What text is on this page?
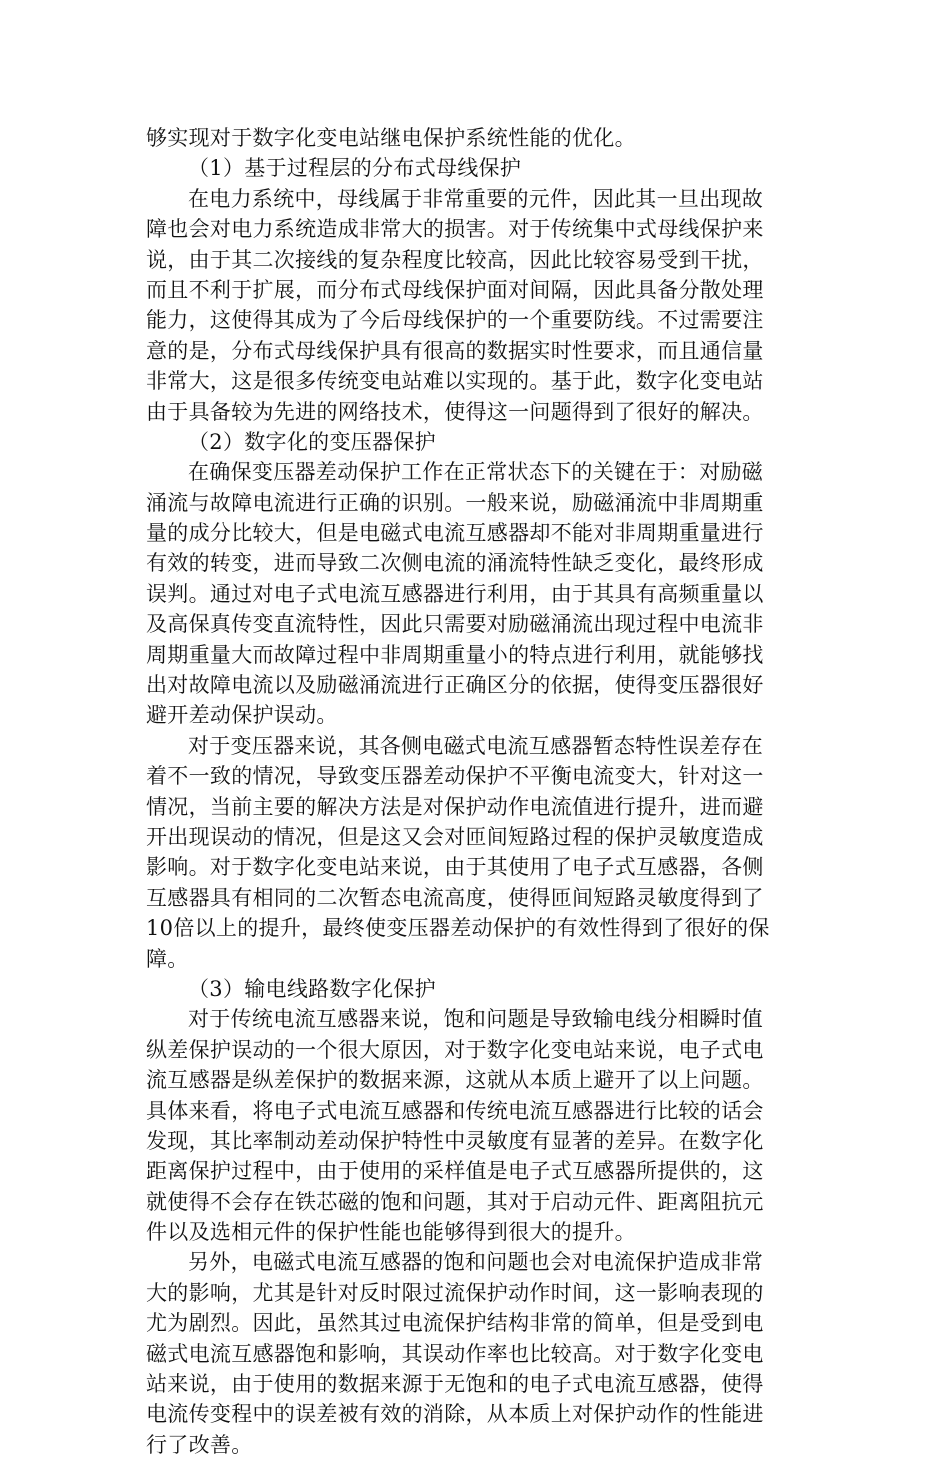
够实现对于数字化变电站继电保护系统性能的优化。

（1）基于过程层的分布式母线保护

在电力系统中，母线属于非常重要的元件，因此其一旦出现故
障也会对电力系统造成非常大的损害。对于传统集中式母线保护来
说，由于其二次接线的复杂程度比较高，因此比较容易受到干扰，
而且不利于扩展，而分布式母线保护面对间隔，因此具备分散处理
能力，这使得其成为了今后母线保护的一个重要防线。不过需要注
意的是，分布式母线保护具有很高的数据实时性要求，而且通信量
非常大，这是很多传统变电站难以实现的。基于此，数字化变电站
由于具备较为先进的网络技术，使得这一问题得到了很好的解决。

（2）数字化的变压器保护

在确保变压器差动保护工作在正常状态下的关键在于：对励磁
涌流与故障电流进行正确的识别。一般来说，励磁涌流中非周期重
量的成分比较大，但是电磁式电流互感器却不能对非周期重量进行
有效的转变，进而导致二次侧电流的涌流特性缺乏变化，最终形成
误判。通过对电子式电流互感器进行利用，由于其具有高频重量以
及高保真传变直流特性，因此只需要对励磁涌流出现过程中电流非
周期重量大而故障过程中非周期重量小的特点进行利用，就能够找
出对故障电流以及励磁涌流进行正确区分的依据，使得变压器很好
避开差动保护误动。

对于变压器来说，其各侧电磁式电流互感器暂态特性误差存在
着不一致的情况，导致变压器差动保护不平衡电流变大，针对这一
情况，当前主要的解决方法是对保护动作电流值进行提升，进而避
开出现误动的情况，但是这又会对匝间短路过程的保护灵敏度造成
影响。对于数字化变电站来说，由于其使用了电子式互感器，各侧
互感器具有相同的二次暂态电流高度，使得匝间短路灵敏度得到了
10倍以上的提升，最终使变压器差动保护的有效性得到了很好的保
障。

（3）输电线路数字化保护

对于传统电流互感器来说，饱和问题是导致输电线分相瞬时值
纵差保护误动的一个很大原因，对于数字化变电站来说，电子式电
流互感器是纵差保护的数据来源，这就从本质上避开了以上问题。
具体来看，将电子式电流互感器和传统电流互感器进行比较的话会
发现，其比率制动差动保护特性中灵敏度有显著的差异。在数字化
距离保护过程中，由于使用的采样值是电子式互感器所提供的，这
就使得不会存在铁芯磁的饱和问题，其对于启动元件、距离阻抗元
件以及选相元件的保护性能也能够得到很大的提升。

另外，电磁式电流互感器的饱和问题也会对电流保护造成非常
大的影响，尤其是针对反时限过流保护动作时间，这一影响表现的
尤为剧烈。因此，虽然其过电流保护结构非常的简单，但是受到电
磁式电流互感器饱和影响，其误动作率也比较高。对于数字化变电
站来说，由于使用的数据来源于无饱和的电子式电流互感器，使得
电流传变程中的误差被有效的消除，从本质上对保护动作的性能进
行了改善。
